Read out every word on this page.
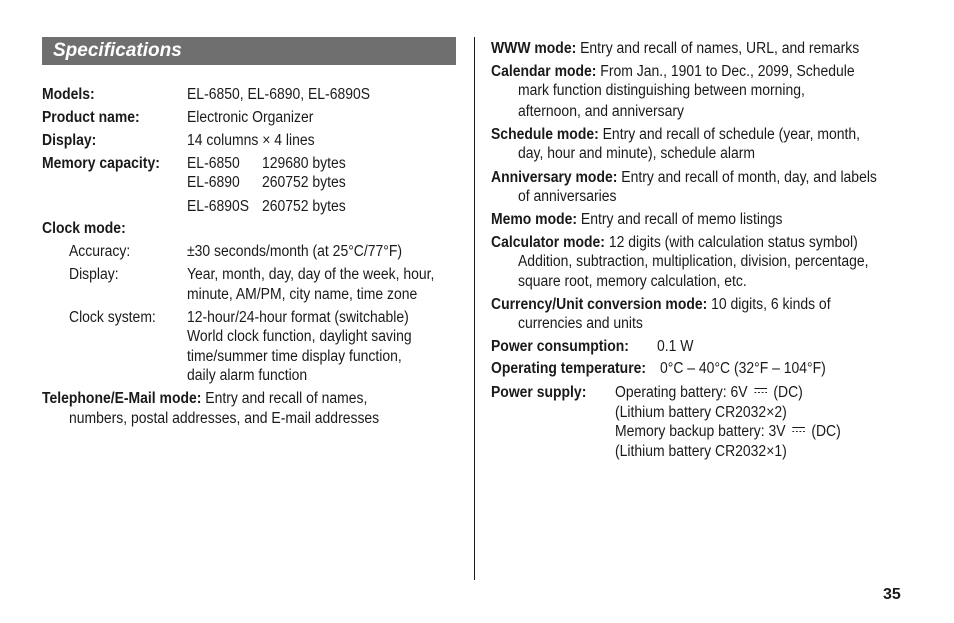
Specifications
Models:	EL-6850, EL-6890, EL-6890S
Product name:	Electronic Organizer
Display:	14 columns × 4 lines
Memory capacity: EL-6850 129680 bytes
EL-6890 260752 bytes
EL-6890S 260752 bytes
Clock mode:
Accuracy:	±30 seconds/month (at 25°C/77°F)
Display:	Year, month, day, day of the week, hour,
minute, AM/PM, city name, time zone
Clock system: 12-hour/24-hour format (switchable)
World clock function, daylight saving
time/summer time display function,
daily alarm function
Telephone/E-Mail mode: Entry and recall of names,
numbers, postal addresses, and E-mail addresses
WWW mode: Entry and recall of names, URL, and remarks
Calendar mode: From Jan., 1901 to Dec., 2099, Schedule
mark function distinguishing between morning,
afternoon, and anniversary
Schedule mode: Entry and recall of schedule (year, month,
day, hour and minute), schedule alarm
Anniversary mode: Entry and recall of month, day, and labels
of anniversaries
Memo mode: Entry and recall of memo listings
Calculator mode: 12 digits (with calculation status symbol)
Addition, subtraction, multiplication, division, percentage,
square root, memory calculation, etc.
Currency/Unit conversion mode: 10 digits, 6 kinds of
currencies and units
Power consumption: 0.1 W
Operating temperature: 0°C – 40°C (32°F – 104°F)
Power supply: Operating battery: 6V (DC)
(Lithium battery CR2032×2)
Memory backup battery: 3V (DC)
(Lithium battery CR2032×1)
35
